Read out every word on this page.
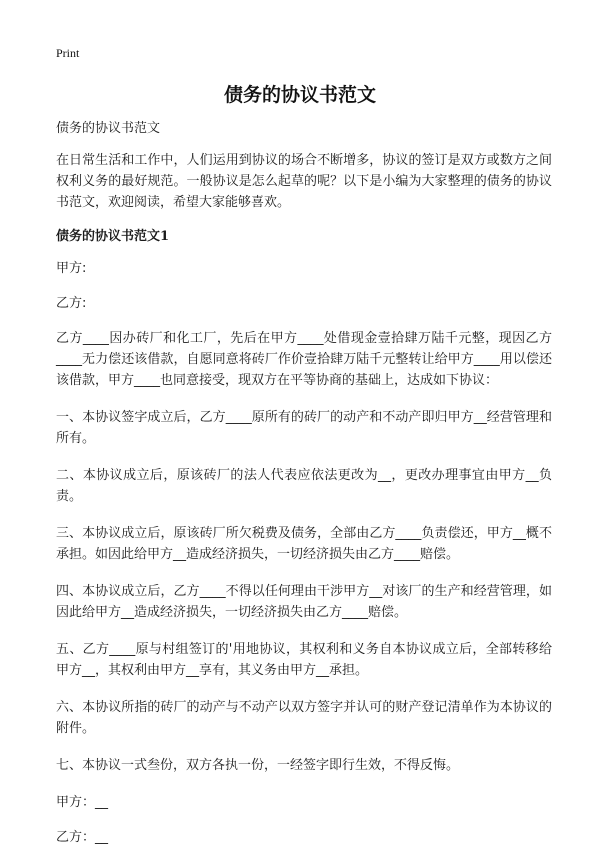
Print
债务的协议书范文

债务的协议书范文

在日常生活和工作中，人们运用到协议的场合不断增多，协议的签订是双方或数方之间权利义务的最好规范。一般协议是怎么起草的呢？以下是小编为大家整理的债务的协议书范文，欢迎阅读，希望大家能够喜欢。

债务的协议书范文1

甲方:

乙方:

乙方____因办砖厂和化工厂，先后在甲方____处借现金壹拾肆万陆千元整，现因乙方____无力偿还该借款，自愿同意将砖厂作价壹拾肆万陆千元整转让给甲方____用以偿还该借款，甲方____也同意接受，现双方在平等协商的基础上，达成如下协议：

一、本协议签字成立后，乙方____原所有的砖厂的动产和不动产即归甲方__经营管理和所有。

二、本协议成立后，原该砖厂的法人代表应依法更改为__，更改办理事宜由甲方__负责。

三、本协议成立后，原该砖厂所欠税费及债务，全部由乙方____负责偿还，甲方__概不承担。如因此给甲方__造成经济损失，一切经济损失由乙方____赔偿。

四、本协议成立后，乙方____不得以任何理由干涉甲方__对该厂的生产和经营管理，如因此给甲方__造成经济损失，一切经济损失由乙方____赔偿。

五、乙方____原与村组签订的'用地协议，其权利和义务自本协议成立后，全部转移给甲方__，其权利由甲方__享有，其义务由甲方__承担。

六、本协议所指的砖厂的动产与不动产以双方签字并认可的财产登记清单作为本协议的附件。

七、本协议一式叁份，双方各执一份，一经签字即行生效，不得反悔。

甲方：__

乙方：__
